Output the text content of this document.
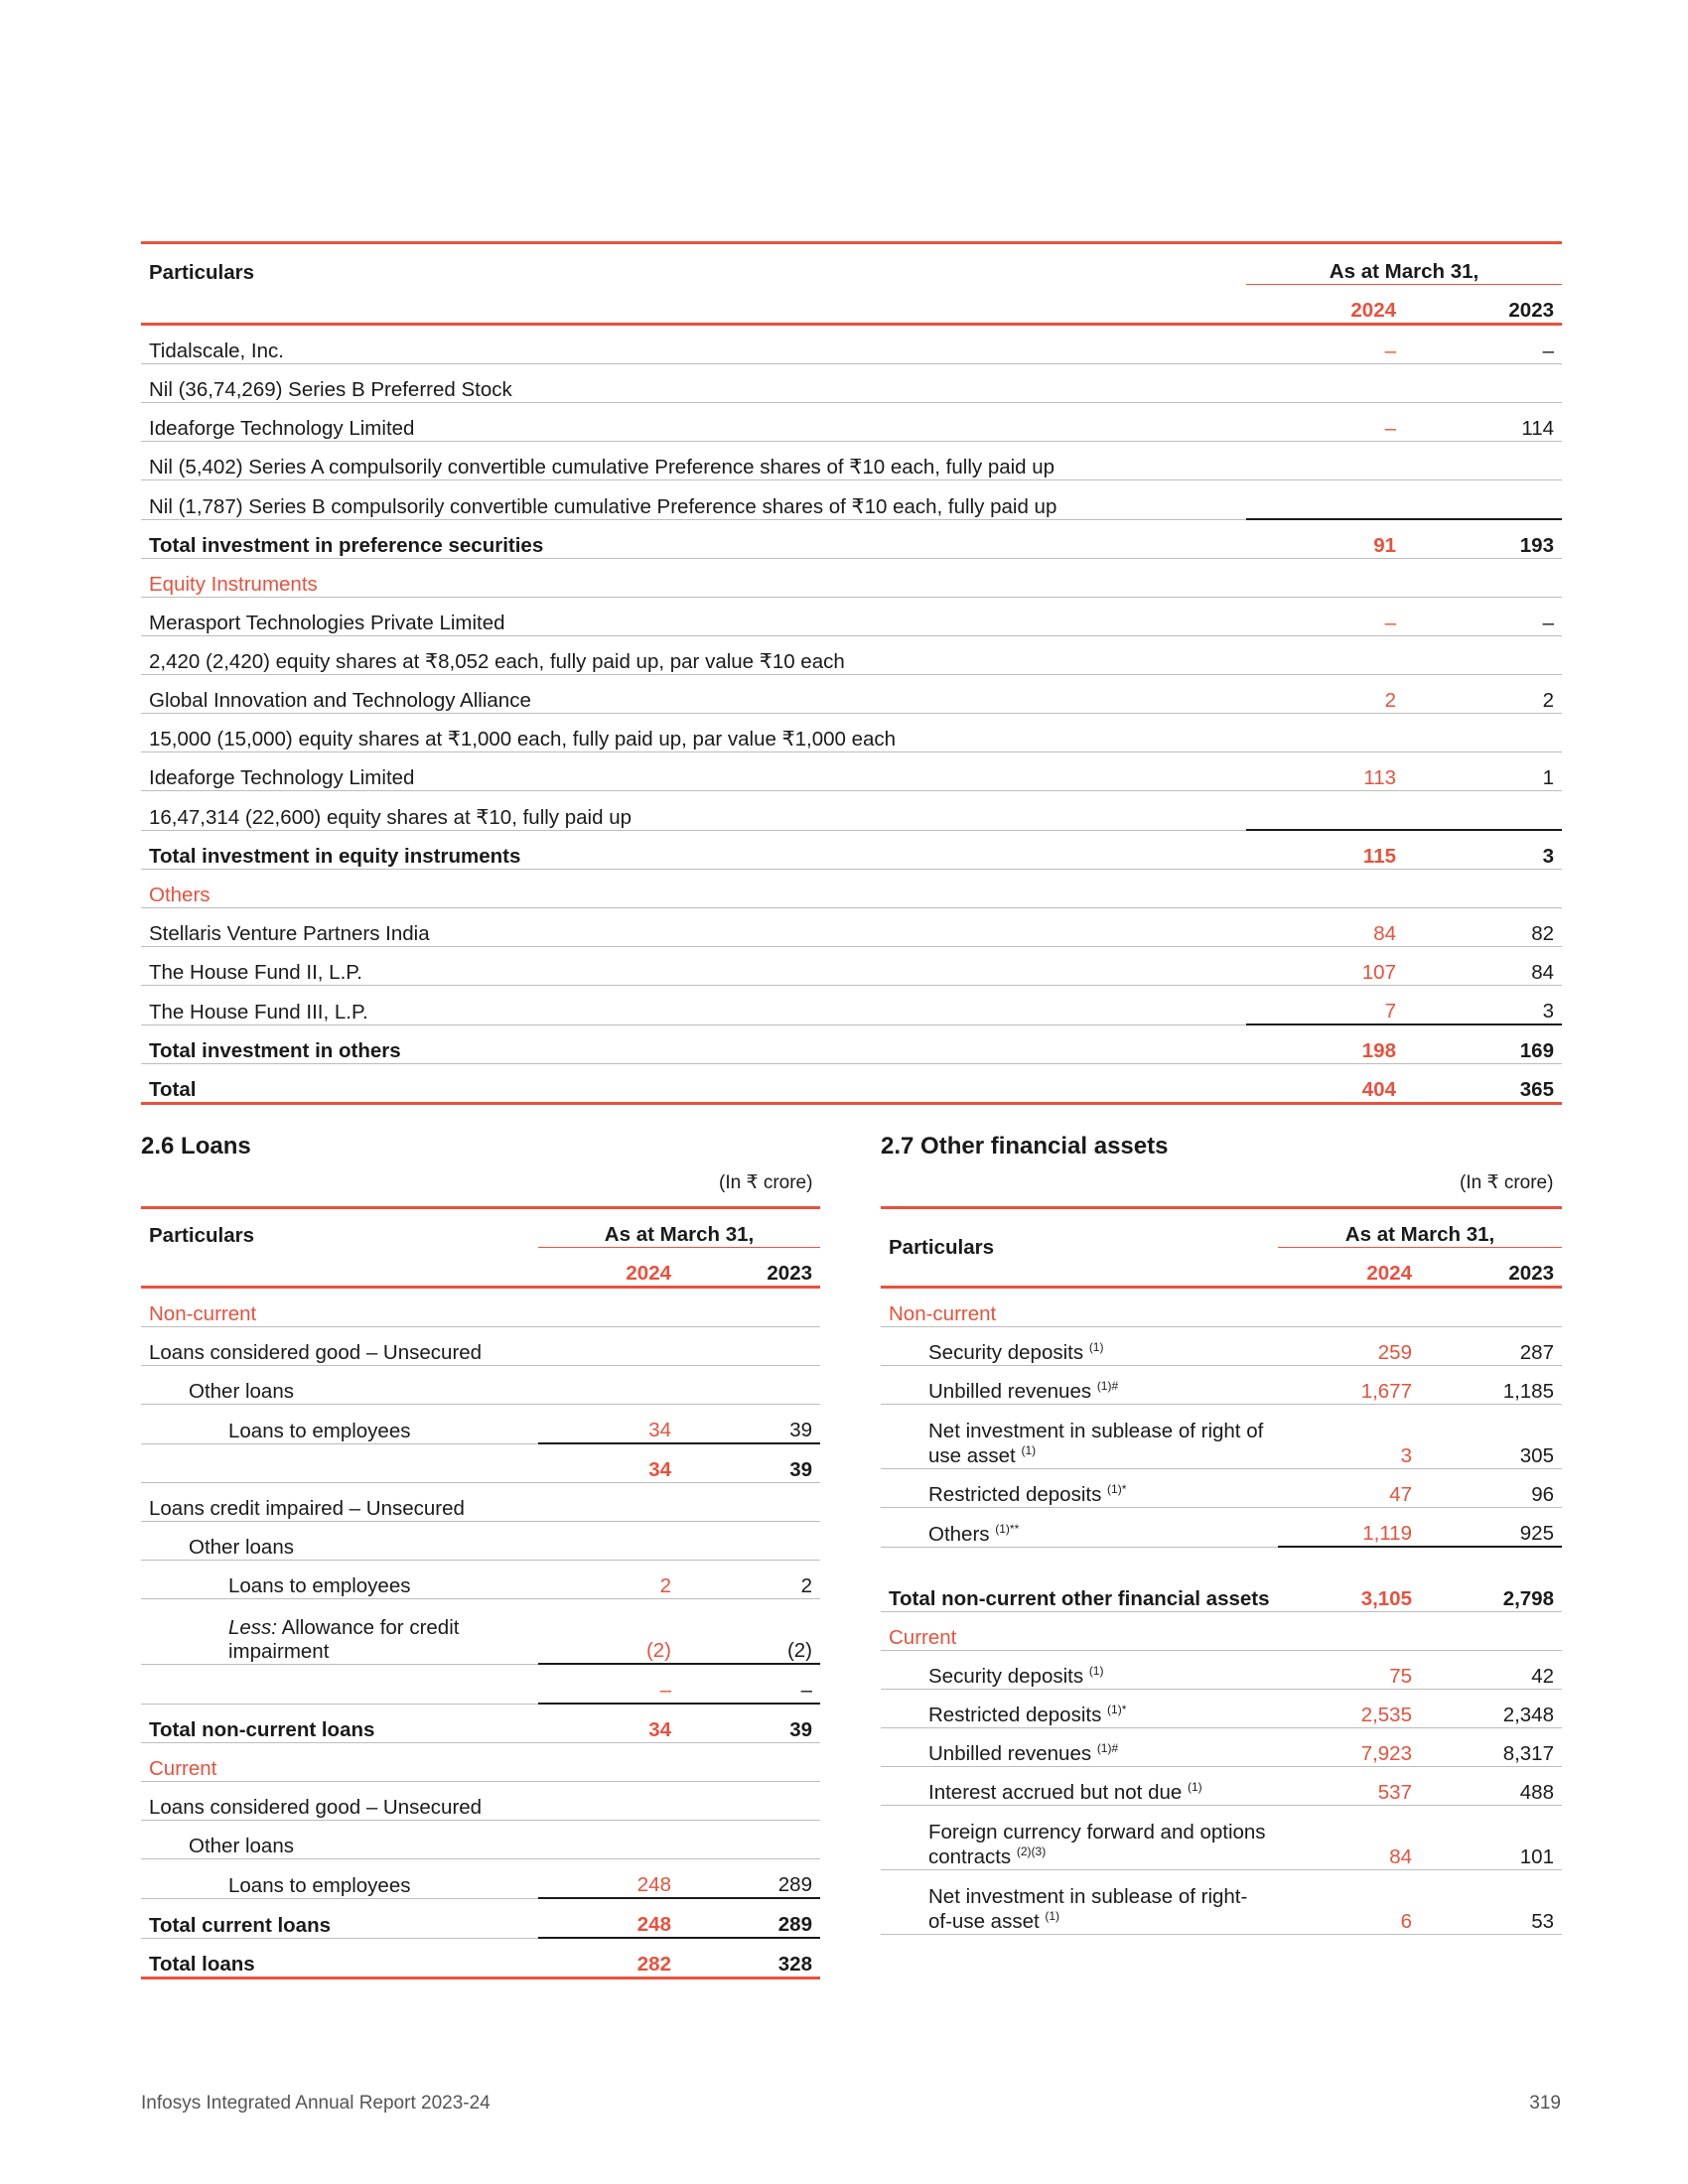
Particulars	As at March 31,	
	2024	2023
Tidalscale, Inc.	–	–
Nil (36,74,269) Series B Preferred Stock		
Ideaforge Technology Limited	–	114
Nil (5,402) Series A compulsorily convertible cumulative Preference shares of ₹10 each, fully paid up		
Nil (1,787) Series B compulsorily convertible cumulative Preference shares of ₹10 each, fully paid up		
Total investment in preference securities	91	193
Equity Instruments		
Merasport Technologies Private Limited	–	–
2,420 (2,420) equity shares at ₹8,052 each, fully paid up, par value ₹10 each		
Global Innovation and Technology Alliance	2	2
15,000 (15,000) equity shares at ₹1,000 each, fully paid up, par value ₹1,000 each		
Ideaforge Technology Limited	113	1
16,47,314 (22,600) equity shares at ₹10, fully paid up		
Total investment in equity instruments	115	3
Others		
Stellaris Venture Partners India	84	82
The House Fund II, L.P.	107	84
The House Fund III, L.P.	7	3
Total investment in others	198	169
Total	404	365
2.6 Loans
(In ₹ crore)
Particulars	As at March 31,	
	2024	2023
Non-current		
Loans considered good – Unsecured		
Other loans		
Loans to employees	34	39
	34	39
Loans credit impaired – Unsecured		
Other loans		
Loans to employees	2	2
Less: Allowance for credit impairment	(2)	(2)
	–	–
Total non-current loans	34	39
Current		
Loans considered good – Unsecured		
Other loans		
Loans to employees	248	289
Total current loans	248	289
Total loans	282	328
2.7 Other financial assets
(In ₹ crore)
Particulars	As at March 31,	
	2024	2023
Non-current		
Security deposits $^{(1)}$	259	287
Unbilled revenues $^{(1)\#}$	1,677	1,185
Net investment in sublease of right of use asset $^{(1)}$	3	305
Restricted deposits $^{(1)*}$	47	96
Others $^{(1)**}$	1,119	925
Total non-current other financial assets	3,105	2,798
Current		
Security deposits $^{(1)}$	75	42
Restricted deposits $^{(1)*}$	2,535	2,348
Unbilled revenues $^{(1)\#}$	7,923	8,317
Interest accrued but not due $^{(1)}$	537	488
Foreign currency forward and options contracts $^{(2)(3)}$	84	101
Net investment in sublease of right-of-use asset $^{(1)}$	6	53
Infosys Integrated Annual Report 2023-24	319
